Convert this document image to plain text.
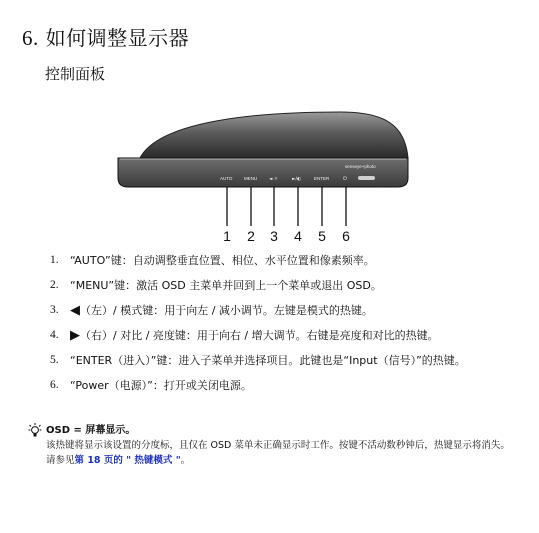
6. 如何调整显示器
控制面板
senseye+photo
AUTO	MENU	◄ ☼	►/◐	ENTER	⏻
1 2 3 4 5 6
1. “AUTO”键：自动调整垂直位置、相位、水平位置和像素频率。
2. “MENU”键：激活 OSD 主菜单并回到上一个菜单或退出 OSD。
3. ◀（左）/ 模式键：用于向左 / 减小调节。左键是模式的热键。
4. ▶（右）/ 对比 / 亮度键：用于向右 / 增大调节。右键是亮度和对比的热键。
5. “ENTER（进入）”键：进入子菜单并选择项目。此键也是“Input（信号）”的热键。
6. “Power（电源）”：打开或关闭电源。
OSD = 屏幕显示。
该热键将显示该设置的分度标，且仅在 OSD 菜单未正确显示时工作。按键不活动数秒钟后，热键显示将消失。请参见第 18 页的 " 热键模式 "。
